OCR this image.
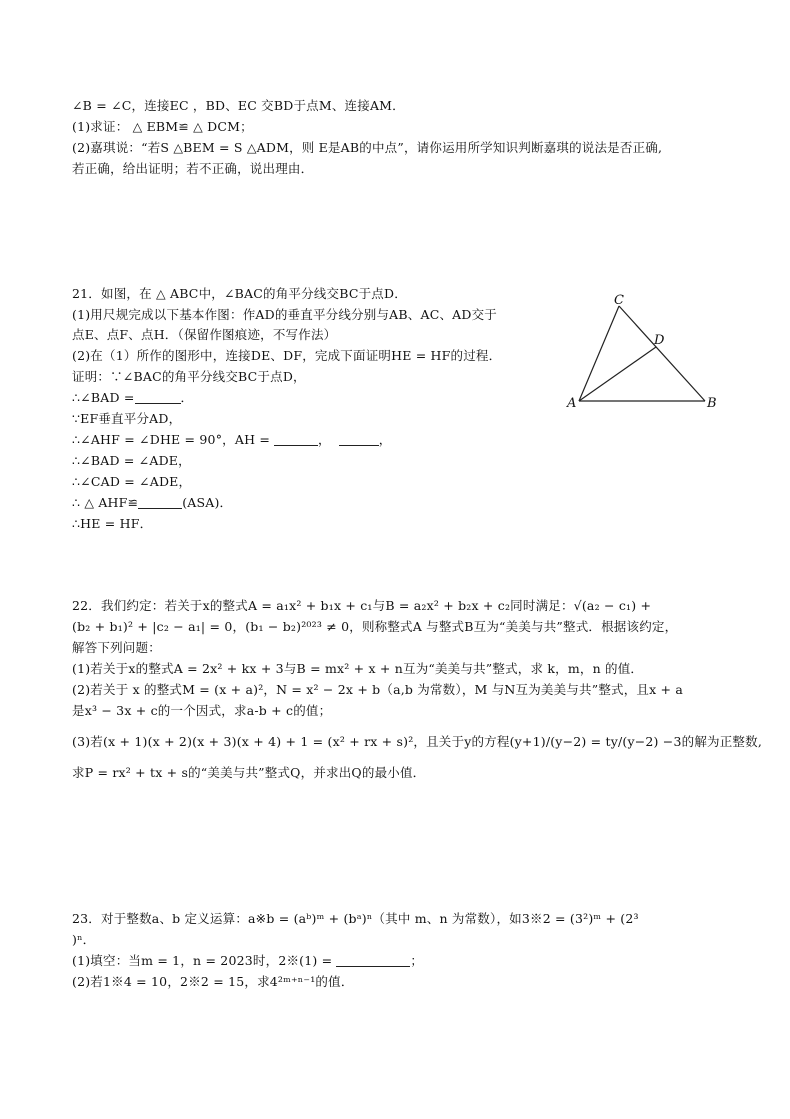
∠B = ∠C，连接EC ，BD、EC 交BD于点M、连接AM．
(1)求证： △ EBM≌ △ DCM；
(2)嘉琪说：“若S △BEM = S △ADM，则 E是AB的中点”，请你运用所学知识判断嘉琪的说法是否正确,
若正确，给出证明；若不正确，说出理由．
21．如图，在 △ ABC中，∠BAC的角平分线交BC于点D．
(1)用尺规完成以下基本作图：作AD的垂直平分线分别与AB、AC、AD交于
点E、点F、点H．（保留作图痕迹，不写作法）
(2)在（1）所作的图形中，连接DE、DF，完成下面证明HE = HF的过程．
证明：∵∠BAC的角平分线交BC于点D，
∴∠BAD =	．
∵EF垂直平分AD，
∴∠AHF = ∠DHE = 90°，AH =	，	，
∴∠BAD = ∠ADE，
∴∠CAD = ∠ADE，
∴ △ AHF≌	(ASA)．
∴HE = HF．
C
D
A	B
22．我们约定：若关于x的整式A = a₁x² + b₁x + c₁与B = a₂x² + b₂x + c₂同时满足：√(a₂ − c₁) +
(b₂ + b₁)² + |c₂ − a₁| = 0，(b₁ − b₂)²⁰²³ ≠ 0，则称整式A 与整式B互为“美美与共”整式．根据该约定，
解答下列问题：
(1)若关于x的整式A = 2x² + kx + 3与B = mx² + x + n互为“美美与共”整式，求 k，m，n 的值．
(2)若关于 x 的整式M = (x + a)²，N = x² − 2x + b（a,b 为常数），M 与N互为美美与共”整式，且x + a
是x³ − 3x + c的一个因式，求a‑b + c的值；
(3)若(x + 1)(x + 2)(x + 3)(x + 4) + 1 = (x² + rx + s)²，且关于y的方程(y+1)/(y−2) = ty/(y−2) −3的解为正整数,
求P = rx² + tx + s的“美美与共”整式Q，并求出Q的最小值．
23．对于整数a、b 定义运算：a※b = (aᵇ)ᵐ + (bᵃ)ⁿ（其中 m、n 为常数），如3※2 = (3²)ᵐ + (2³
)ⁿ．
(1)填空：当m = 1，n = 2023时，2※(1) =	；
(2)若1※4 = 10，2※2 = 15，求4²ᵐ⁺ⁿ⁻¹的值．
